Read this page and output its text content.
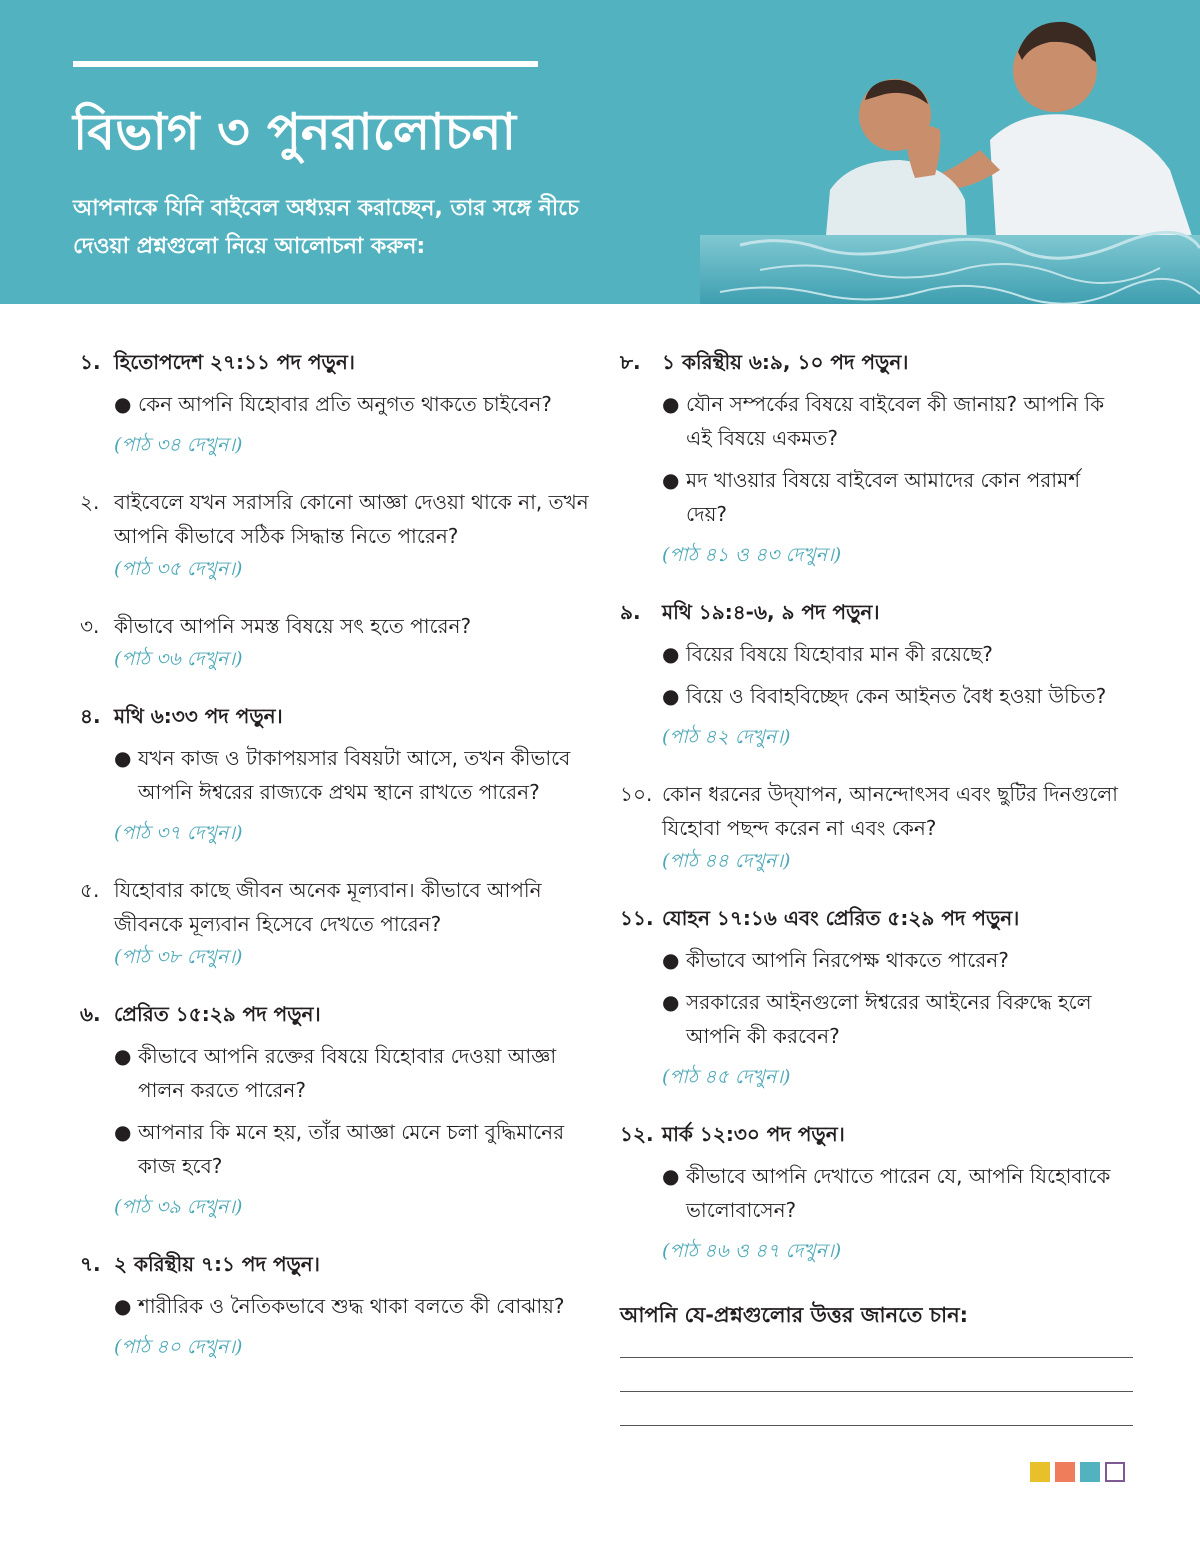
বিভাগ ৩ পুনরালোচনা

আপনাকে যিনি বাইবেল অধ্যয়ন করাচ্ছেন, তার সঙ্গে নীচে দেওয়া প্রশ্নগুলো নিয়ে আলোচনা করুন:

১. হিতোপদেশ ২৭:১১ পদ পড়ুন।
● কেন আপনি যিহোবার প্রতি অনুগত থাকতে চাইবেন?
(পাঠ ৩৪ দেখুন।)
২. বাইবেলে যখন সরাসরি কোনো আজ্ঞা দেওয়া থাকে না, তখন আপনি কীভাবে সঠিক সিদ্ধান্ত নিতে পারেন?
(পাঠ ৩৫ দেখুন।)
৩. কীভাবে আপনি সমস্ত বিষয়ে সৎ হতে পারেন?
(পাঠ ৩৬ দেখুন।)
৪. মথি ৬:৩৩ পদ পড়ুন।
● যখন কাজ ও টাকাপয়সার বিষয়টা আসে, তখন কীভাবে আপনি ঈশ্বরের রাজ্যকে প্রথম স্থানে রাখতে পারেন?
(পাঠ ৩৭ দেখুন।)
৫. যিহোবার কাছে জীবন অনেক মূল্যবান। কীভাবে আপনি জীবনকে মূল্যবান হিসেবে দেখতে পারেন?
(পাঠ ৩৮ দেখুন।)
৬. প্রেরিত ১৫:২৯ পদ পড়ুন।
● কীভাবে আপনি রক্তের বিষয়ে যিহোবার দেওয়া আজ্ঞা পালন করতে পারেন?
● আপনার কি মনে হয়, তাঁর আজ্ঞা মেনে চলা বুদ্ধিমানের কাজ হবে?
(পাঠ ৩৯ দেখুন।)
৭. ২ করিন্থীয় ৭:১ পদ পড়ুন।
● শারীরিক ও নৈতিকভাবে শুদ্ধ থাকা বলতে কী বোঝায়?
(পাঠ ৪০ দেখুন।)
৮.	১ করিন্থীয় ৬:৯, ১০ পদ পড়ুন।
● যৌন সম্পর্কের বিষয়ে বাইবেল কী জানায়? আপনি কি এই বিষয়ে একমত?
● মদ খাওয়ার বিষয়ে বাইবেল আমাদের কোন পরামর্শ দেয়?
(পাঠ ৪১ ও ৪৩ দেখুন।)
৯.	মথি ১৯:৪-৬, ৯ পদ পড়ুন।
● বিয়ের বিষয়ে যিহোবার মান কী রয়েছে?
● বিয়ে ও বিবাহবিচ্ছেদ কেন আইনত বৈধ হওয়া উচিত?
(পাঠ ৪২ দেখুন।)
১০. কোন ধরনের উদ্‌যাপন, আনন্দোৎসব এবং ছুটির দিনগুলো যিহোবা পছন্দ করেন না এবং কেন?
(পাঠ ৪৪ দেখুন।)
১১. যোহন ১৭:১৬ এবং প্রেরিত ৫:২৯ পদ পড়ুন।
● কীভাবে আপনি নিরপেক্ষ থাকতে পারেন?
● সরকারের আইনগুলো ঈশ্বরের আইনের বিরুদ্ধে হলে আপনি কী করবেন?
(পাঠ ৪৫ দেখুন।)
১২. মার্ক ১২:৩০ পদ পড়ুন।
● কীভাবে আপনি দেখাতে পারেন যে, আপনি যিহোবাকে ভালোবাসেন?
(পাঠ ৪৬ ও ৪৭ দেখুন।)
আপনি যে-প্রশ্নগুলোর উত্তর জানতে চান:
